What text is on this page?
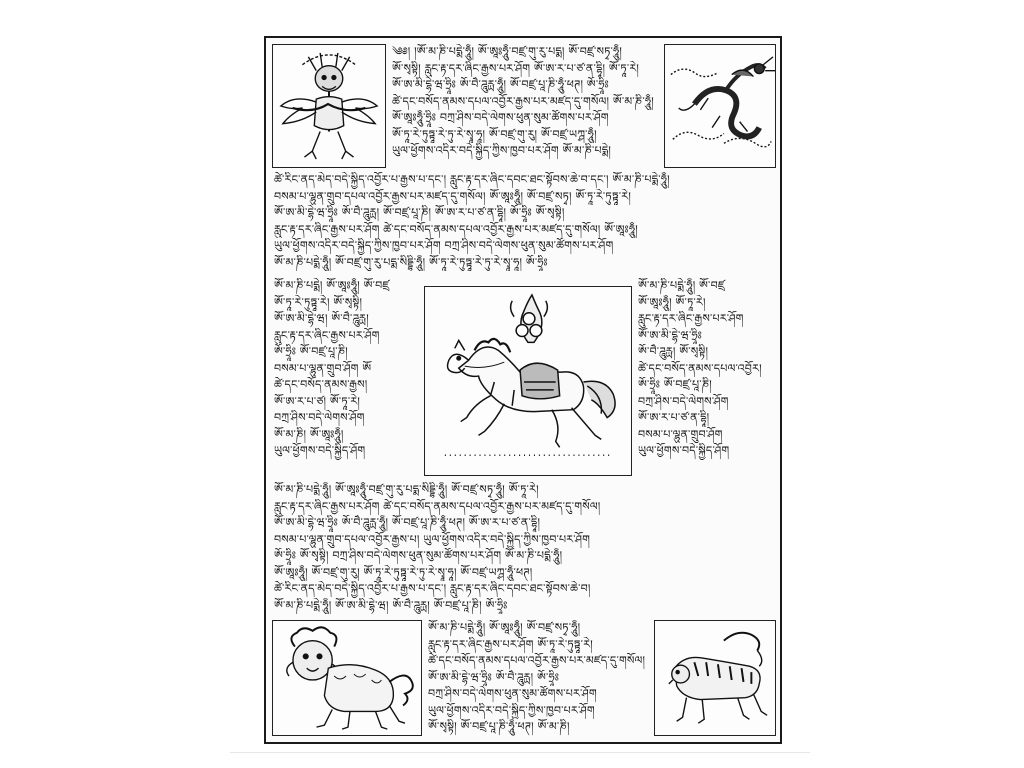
༄༅། །ཨོཾ་མ་ཎི་པདྨེ་ཧཱུྃ། ཨོཾ་ཨཱཿཧཱུྃ་བཛྲ་གུ་རུ་པདྨ། ཨོཾ་བཛྲ་སཏྭ་ཧཱུྃ།
ཨོཾ་སྭསྟི། རླུང་རྟ་དར་ཞིང་རྒྱས་པར་ཤོག ཨོཾ་ཨ་ར་པ་ཙ་ན་དྷཱི། ཨོཾ་ཏཱ་རེ།
ཨོཾ་ཨ་མི་དྷེ་ཝ་ཧྲཱིཿ ཨོཾ་བཻ་ཌཱུརྻ་ཧཱུྃ། ཨོཾ་བཛྲ་པཱ་ཎི་ཧཱུྃ་ཕཊ། ཨོཾ་ཧྲཱིཿ
ཚེ་དང་བསོད་ནམས་དཔལ་འབྱོར་རྒྱས་པར་མཛད་དུ་གསོལ། ཨོཾ་མ་ཎི་ཧཱུྃ།
ཨོཾ་ཨཱཿཧཱུྃ་ཧྲཱིཿ བཀྲ་ཤིས་བདེ་ལེགས་ཕུན་སུམ་ཚོགས་པར་ཤོག
ཨོཾ་ཏཱ་རེ་ཏུཏྟཱ་རེ་ཏུ་རེ་སྭཱ་ཧཱ། ཨོཾ་བཛྲ་གུ་རུ། ཨོཾ་བཛྲ་ཡཀྴ་ཧཱུྃ།
ཡུལ་ཕྱོགས་འདིར་བདེ་སྐྱིད་ཀྱིས་ཁྱབ་པར་ཤོག ཨོཾ་མ་ཎི་པདྨེ།
ཚེ་རིང་ནད་མེད་བདེ་སྐྱིད་འབྱོར་པ་རྒྱས་པ་དང༌། རླུང་རྟ་དར་ཞིང་དབང་ཐང་སྟོབས་ཆེ་བ་དང༌། ཨོཾ་མ་ཎི་པདྨེ་ཧཱུྃ།
བསམ་པ་ལྷུན་གྲུབ་དཔལ་འབྱོར་རྒྱས་པར་མཛད་དུ་གསོལ། ཨོཾ་ཨཱཿཧཱུྃ། ཨོཾ་བཛྲ་སཏྭ། ཨོཾ་ཏཱ་རེ་ཏུཏྟཱ་རེ།
ཨོཾ་ཨ་མི་དྷེ་ཝ་ཧྲཱིཿ ཨོཾ་བཻ་ཌཱུརྻ། ཨོཾ་བཛྲ་པཱ་ཎི། ཨོཾ་ཨ་ར་པ་ཙ་ན་དྷཱི། ཨོཾ་ཧྲཱིཿ ཨོཾ་སྭསྟི།
རླུང་རྟ་དར་ཞིང་རྒྱས་པར་ཤོག ཚེ་དང་བསོད་ནམས་དཔལ་འབྱོར་རྒྱས་པར་མཛད་དུ་གསོལ། ཨོཾ་ཨཱཿཧཱུྃ།
ཡུལ་ཕྱོགས་འདིར་བདེ་སྐྱིད་ཀྱིས་ཁྱབ་པར་ཤོག བཀྲ་ཤིས་བདེ་ལེགས་ཕུན་སུམ་ཚོགས་པར་ཤོག
ཨོཾ་མ་ཎི་པདྨེ་ཧཱུྃ། ཨོཾ་བཛྲ་གུ་རུ་པདྨ་སིདྡྷི་ཧཱུྃ། ཨོཾ་ཏཱ་རེ་ཏུཏྟཱ་རེ་ཏུ་རེ་སྭཱ་ཧཱ། ཨོཾ་ཧྲཱིཿ
ཨོཾ་མ་ཎི་པདྨེ། ཨོཾ་ཨཱཿཧཱུྃ། ཨོཾ་བཛྲ
ཨོཾ་ཏཱ་རེ་ཏུཏྟཱ་རེ། ཨོཾ་སྭསྟི།
ཨོཾ་ཨ་མི་དྷེ་ཝ། ཨོཾ་བཻ་ཌཱུརྻ།
རླུང་རྟ་དར་ཞིང་རྒྱས་པར་ཤོག
ཨོཾ་ཧྲཱིཿ ཨོཾ་བཛྲ་པཱ་ཎི།
བསམ་པ་ལྷུན་གྲུབ་ཤོག ཨོཾ
ཚེ་དང་བསོད་ནམས་རྒྱས།
ཨོཾ་ཨ་ར་པ་ཙ། ཨོཾ་ཏཱ་རེ།
བཀྲ་ཤིས་བདེ་ལེགས་ཤོག
ཨོཾ་མ་ཎི། ཨོཾ་ཨཱཿཧཱུྃ།
ཡུལ་ཕྱོགས་བདེ་སྐྱིད་ཤོག
ཨོཾ་མ་ཎི་པདྨེ་ཧཱུྃ། ཨོཾ་བཛྲ
ཨོཾ་ཨཱཿཧཱུྃ། ཨོཾ་ཏཱ་རེ།
རླུང་རྟ་དར་ཞིང་རྒྱས་པར་ཤོག
ཨོཾ་ཨ་མི་དྷེ་ཝ་ཧྲཱིཿ
ཨོཾ་བཻ་ཌཱུརྻ། ཨོཾ་སྭསྟི།
ཚེ་དང་བསོད་ནམས་དཔལ་འབྱོར།
ཨོཾ་ཧྲཱིཿ ཨོཾ་བཛྲ་པཱ་ཎི།
བཀྲ་ཤིས་བདེ་ལེགས་ཤོག
ཨོཾ་ཨ་ར་པ་ཙ་ན་དྷཱི།
བསམ་པ་ལྷུན་གྲུབ་ཤོག
ཡུལ་ཕྱོགས་བདེ་སྐྱིད་ཤོག
ཨོཾ་མ་ཎི་པདྨེ་ཧཱུྃ། ཨོཾ་ཨཱཿཧཱུྃ་བཛྲ་གུ་རུ་པདྨ་སིདྡྷི་ཧཱུྃ། ཨོཾ་བཛྲ་སཏྭ་ཧཱུྃ། ཨོཾ་ཏཱ་རེ།
རླུང་རྟ་དར་ཞིང་རྒྱས་པར་ཤོག ཚེ་དང་བསོད་ནམས་དཔལ་འབྱོར་རྒྱས་པར་མཛད་དུ་གསོལ།
ཨོཾ་ཨ་མི་དྷེ་ཝ་ཧྲཱིཿ ཨོཾ་བཻ་ཌཱུརྻ་ཧཱུྃ། ཨོཾ་བཛྲ་པཱ་ཎི་ཧཱུྃ་ཕཊ། ཨོཾ་ཨ་ར་པ་ཙ་ན་དྷཱི།
བསམ་པ་ལྷུན་གྲུབ་དཔལ་འབྱོར་རྒྱས་པ། ཡུལ་ཕྱོགས་འདིར་བདེ་སྐྱིད་ཀྱིས་ཁྱབ་པར་ཤོག
ཨོཾ་ཧྲཱིཿ ཨོཾ་སྭསྟི། བཀྲ་ཤིས་བདེ་ལེགས་ཕུན་སུམ་ཚོགས་པར་ཤོག ཨོཾ་མ་ཎི་པདྨེ་ཧཱུྃ།
ཨོཾ་ཨཱཿཧཱུྃ། ཨོཾ་བཛྲ་གུ་རུ། ཨོཾ་ཏཱ་རེ་ཏུཏྟཱ་རེ་ཏུ་རེ་སྭཱ་ཧཱ། ཨོཾ་བཛྲ་ཡཀྴ་ཧཱུྃ་ཕཊ།
ཚེ་རིང་ནད་མེད་བདེ་སྐྱིད་འབྱོར་པ་རྒྱས་པ་དང༌། རླུང་རྟ་དར་ཞིང་དབང་ཐང་སྟོབས་ཆེ་བ།
ཨོཾ་མ་ཎི་པདྨེ་ཧཱུྃ། ཨོཾ་ཨ་མི་དྷེ་ཝ། ཨོཾ་བཻ་ཌཱུརྻ། ཨོཾ་བཛྲ་པཱ་ཎི། ཨོཾ་ཧྲཱིཿ
ཨོཾ་མ་ཎི་པདྨེ་ཧཱུྃ། ཨོཾ་ཨཱཿཧཱུྃ། ཨོཾ་བཛྲ་སཏྭ་ཧཱུྃ།
རླུང་རྟ་དར་ཞིང་རྒྱས་པར་ཤོག ཨོཾ་ཏཱ་རེ་ཏུཏྟཱ་རེ།
ཚེ་དང་བསོད་ནམས་དཔལ་འབྱོར་རྒྱས་པར་མཛད་དུ་གསོལ།
ཨོཾ་ཨ་མི་དྷེ་ཝ་ཧྲཱིཿ ཨོཾ་བཻ་ཌཱུརྻ། ཨོཾ་ཧྲཱིཿ
བཀྲ་ཤིས་བདེ་ལེགས་ཕུན་སུམ་ཚོགས་པར་ཤོག
ཡུལ་ཕྱོགས་འདིར་བདེ་སྐྱིད་ཀྱིས་ཁྱབ་པར་ཤོག
ཨོཾ་སྭསྟི། ཨོཾ་བཛྲ་པཱ་ཎི་ཧཱུྃ་ཕཊ། ཨོཾ་མ་ཎི།
